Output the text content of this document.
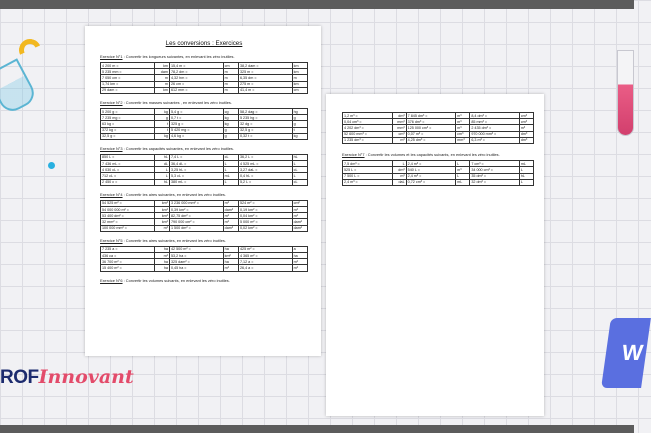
W
ROFInnovant
Les conversions : Exercices
Exercice N°1 : Convertir les longueurs suivantes, en enlevant les zéro inutiles.
4 200 m =	km	15,4 m =	cm	38,2 dam =	km
5 235 mm =	dam	78,2 dm =	m	325 m =	km
7 050 cm =	m	4,32 hm =	m	6,35 dm =	m
1,74 km =	m	26 cm =	m	275 m =	km
29 dam =	km	612 mm =	m	41,4 m =	cm
Exercice N°2 : Convertir les masses suivantes , en enlevant les zéro inutiles.
5 200 g =	kg	5,4 g =	cg	58,2 dag =	hg
7 235 mg =	g	0,7 t =	kg	5 235 hg =	g
63 kg =	t	325 g =	kg	32 dg =	g
372 kg =	t	5 420 mg =	g	32,5 g =	t
32,5 g =	kg	4,6 kg =	g	0,32 t =	kg
Exercice N°3 : Convertir les capacités suivantes, en enlevant les zéro inutiles.
850 L =	hL	7,4 L =	cL	36,2 L =	hL
7 436 mL =	dL	36,4 dL =	L	4 525 mL =	L
4 030 cL =	L	3,25 hL =	L	3,27 daL =	cL
712 cL =	L	5,3 cL =	mL	0,4 hL =	L
2 450 c =	hL	380 mL =	L	5,2 L =	cL
Exercice N°4 : Convertir les aires suivantes, en enlevant les zéro inutiles.
54 525 m² =	km²	3 236 000 mm² =	m²	524 m² =	cm²
54 000 000 m² =	km²	0,39 km² =	dam²	0,19 km² =	m²
53 400 dm² =	km²	82,75 dm² =	m²	0,04 km² =	m²
32 mm² =	km²	790 000 cm² =	m²	5 000 m² =	dam²
100 000 mm² =	m²	1 500 dm² =	dam²	0,02 km² =	dam²
Exercice N°5 : Convertir les aires suivantes, en enlevant les zéro inutiles.
7 235 a =	ha	42 500 m² =	ha	425 m² =	a
436 ca =	m²	53,2 ha =	km²	4 365 m² =	ha
36 700 m² =	ha	325 dam² =	ha	7,12 a =	m²
15 400 m² =	ha	0,45 ha =	m²	26,4 a =	m²
Exercice N°6 : Convertir les volumes suivants, en enlevant les zéro inutiles.
1,2 m³ =	dm³	7 845 dm³ =	m³	8,4 dm³ =	cm³
0,04 cm³ =	mm³	376 dm³ =	m³	85 mm³ =	cm³
4 202 dm³ =	mm³	125 000 cm³ =	m³	2 435 dm³ =	m³
52 600 mm³ =	cm³	0,07 m³ =	cm³	970 000 mm³ =	dm³
1 235 dm³ =	m³	4,25 dm³ =	mm³	6,3 m³ =	dm³
Exercice N°7 : Convertir les volumes et les capacités suivants, en enlevant les zéro inutiles.
7,5 dm³ =	L	2,4 m³ =	L	7 cm³ =	mL
525 L =	dm³	540 L =	m³	34 000 cm³ =	L
7 500 L =	m³	2,4 m³ =	L	35 dm³ =	hL
2,4 m³ =	daL	0,72 cm³ =	mL	32 dm³ =	L
